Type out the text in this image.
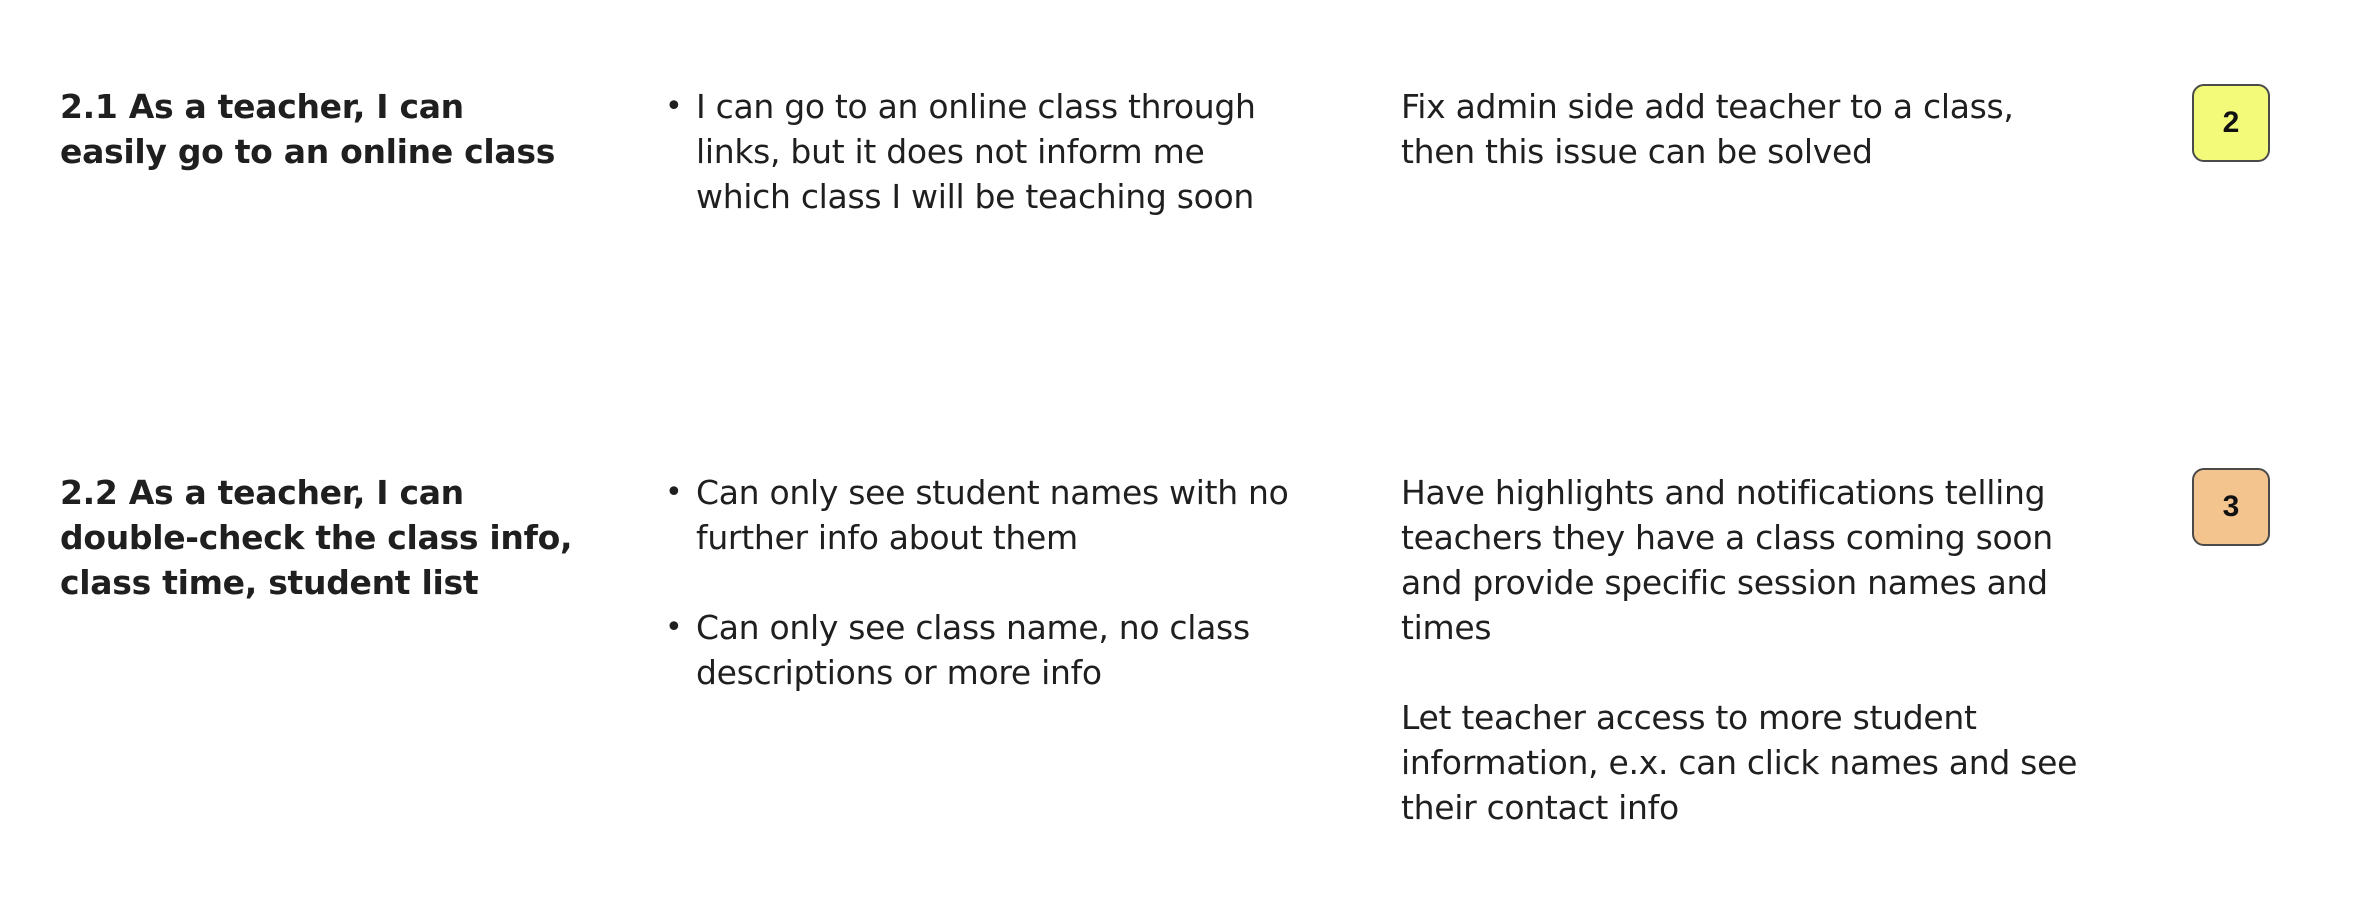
2.1 As a teacher, I can easily go to an online class
• I can go to an online class through links, but it does not inform me which class I will be teaching soon

Fix admin side add teacher to a class, then this issue can be solved

2
2.2 As a teacher, I can double-check the class info, class time, student list
• Can only see student names with no further info about them
• Can only see class name, no class descriptions or more info

Have highlights and notifications telling teachers they have a class coming soon and provide specific session names and times

Let teacher access to more student information, e.x. can click names and see their contact info

3
